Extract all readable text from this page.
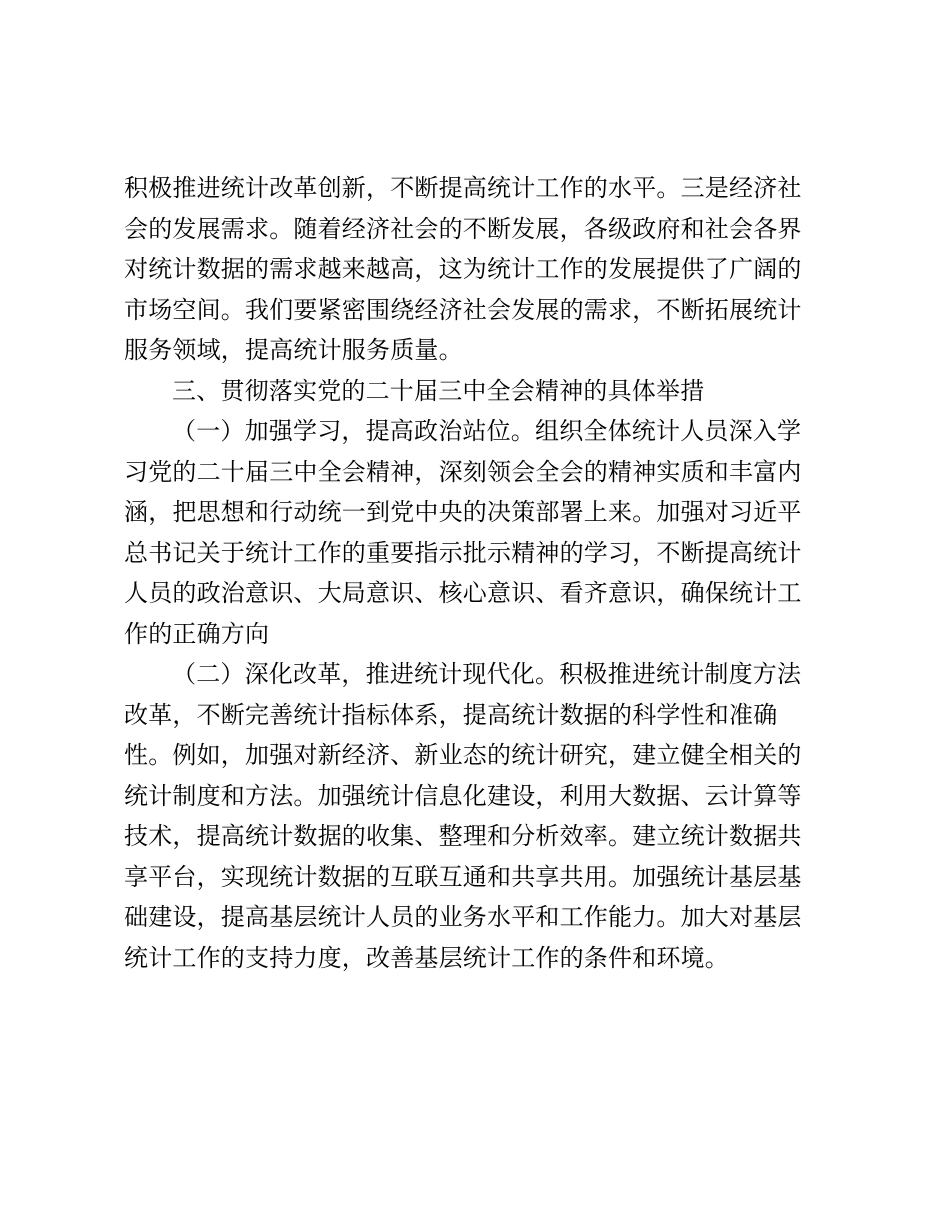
积极推进统计改革创新，不断提高统计工作的水平。三是经济社
会的发展需求。随着经济社会的不断发展，各级政府和社会各界
对统计数据的需求越来越高，这为统计工作的发展提供了广阔的
市场空间。我们要紧密围绕经济社会发展的需求，不断拓展统计
服务领域，提高统计服务质量。
三、贯彻落实党的二十届三中全会精神的具体举措
（一）加强学习，提高政治站位。组织全体统计人员深入学
习党的二十届三中全会精神，深刻领会全会的精神实质和丰富内
涵，把思想和行动统一到党中央的决策部署上来。加强对习近平
总书记关于统计工作的重要指示批示精神的学习，不断提高统计
人员的政治意识、大局意识、核心意识、看齐意识，确保统计工
作的正确方向
（二）深化改革，推进统计现代化。积极推进统计制度方法
改革，不断完善统计指标体系，提高统计数据的科学性和准确
性。例如，加强对新经济、新业态的统计研究，建立健全相关的
统计制度和方法。加强统计信息化建设，利用大数据、云计算等
技术，提高统计数据的收集、整理和分析效率。建立统计数据共
享平台，实现统计数据的互联互通和共享共用。加强统计基层基
础建设，提高基层统计人员的业务水平和工作能力。加大对基层
统计工作的支持力度，改善基层统计工作的条件和环境。
